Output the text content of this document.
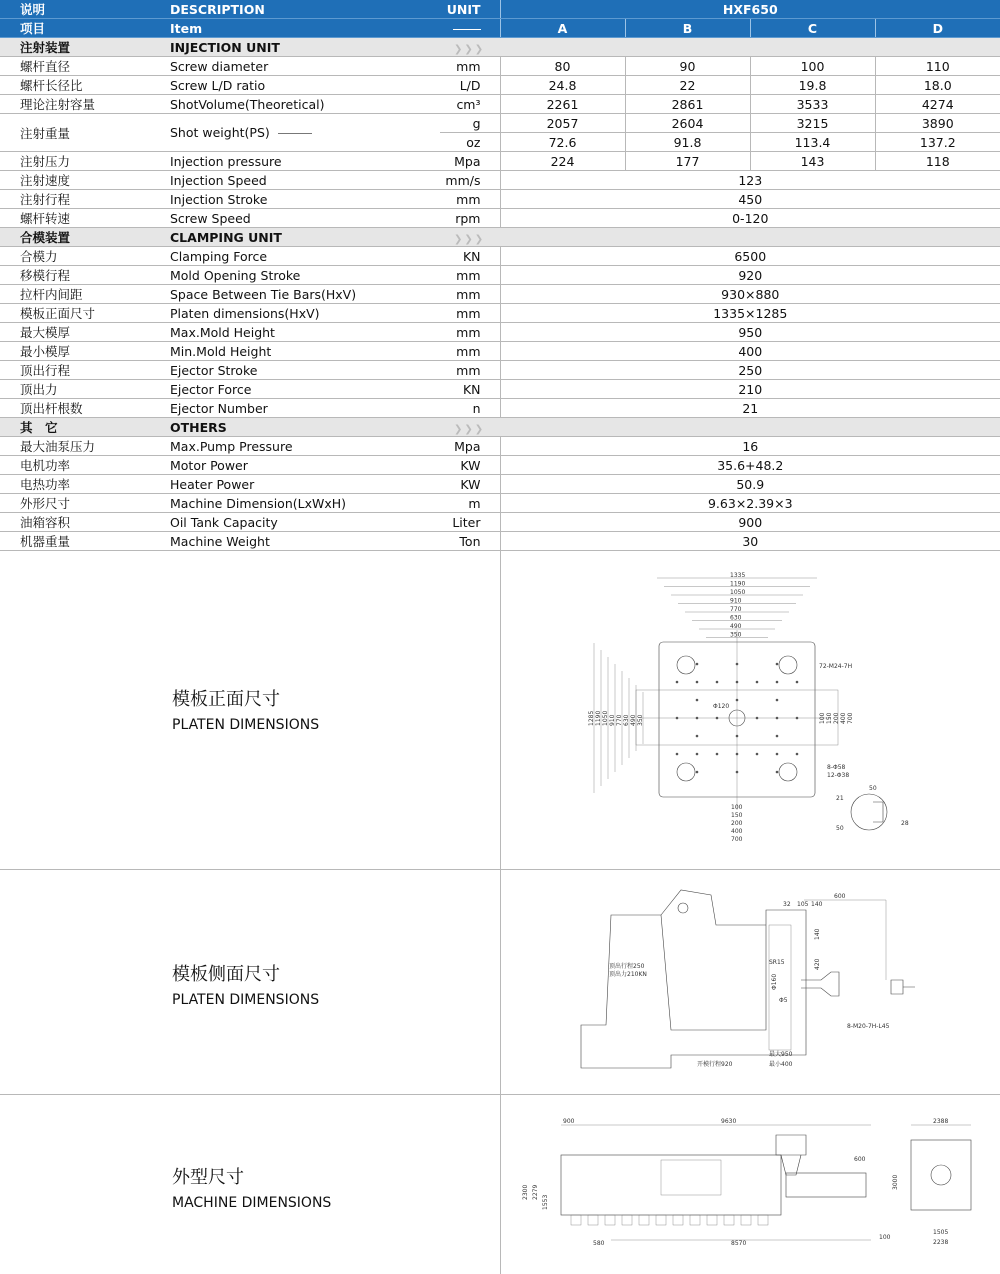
说明	DESCRIPTION	UNIT	HXF650			
项目	Item		A	B	C	D
注射装置	INJECTION UNIT	❯❯❯				
螺杆直径	Screw diameter	mm	80	90	100	110
螺杆长径比	Screw L/D ratio	L/D	24.8	22	19.8	18.0
理论注射容量	ShotVolume(Theoretical)	cm³	2261	2861	3533	4274
注射重量	Shot weight(PS)	g	2057	2604	3215	3890
		oz	72.6	91.8	113.4	137.2
注射压力	Injection pressure	Mpa	224	177	143	118
注射速度	Injection Speed	mm/s	123			
注射行程	Injection Stroke	mm	450			
螺杆转速	Screw Speed	rpm	0-120			
合模装置	CLAMPING UNIT	❯❯❯				
合模力	Clamping Force	KN	6500			
移模行程	Mold Opening Stroke	mm	920			
拉杆内间距	Space Between Tie Bars(HxV)	mm	930×880			
模板正面尺寸	Platen dimensions(HxV)	mm	1335×1285			
最大模厚	Max.Mold Height	mm	950			
最小模厚	Min.Mold Height	mm	400			
顶出行程	Ejector Stroke	mm	250			
顶出力	Ejector Force	KN	210			
顶出杆根数	Ejector Number	n	21			
其　它	OTHERS	❯❯❯				
最大油泵压力	Max.Pump Pressure	Mpa	16			
电机功率	Motor Power	KW	35.6+48.2			
电热功率	Heater Power	KW	50.9			
外形尺寸	Machine Dimension(LxWxH)	m	9.63×2.39×3			
油箱容积	Oil Tank Capacity	Liter	900			
机器重量	Machine Weight	Ton	30			
模板正面尺寸
PLATEN DIMENSIONS
1335
1285
1190
1190
1050
1050
910
910
770
770
630
630
490
490
350
350	100
100
150
150
200
200
400
400
700
700
72-M24-7H
Φ120
8-Φ58
12-Φ38
21
50
50
28
模板侧面尺寸
PLATEN DIMENSIONS
32 105 140
600
140
420
顶出行程250
顶出力210KN
SR15
Φ160
Φ5
8-M20-7H-L45
开模行程920
最大950
最小400
外型尺寸
MACHINE DIMENSIONS
900	9630
600
2388
2300 2279
1553
3000
580	8570
100
1505
2238
